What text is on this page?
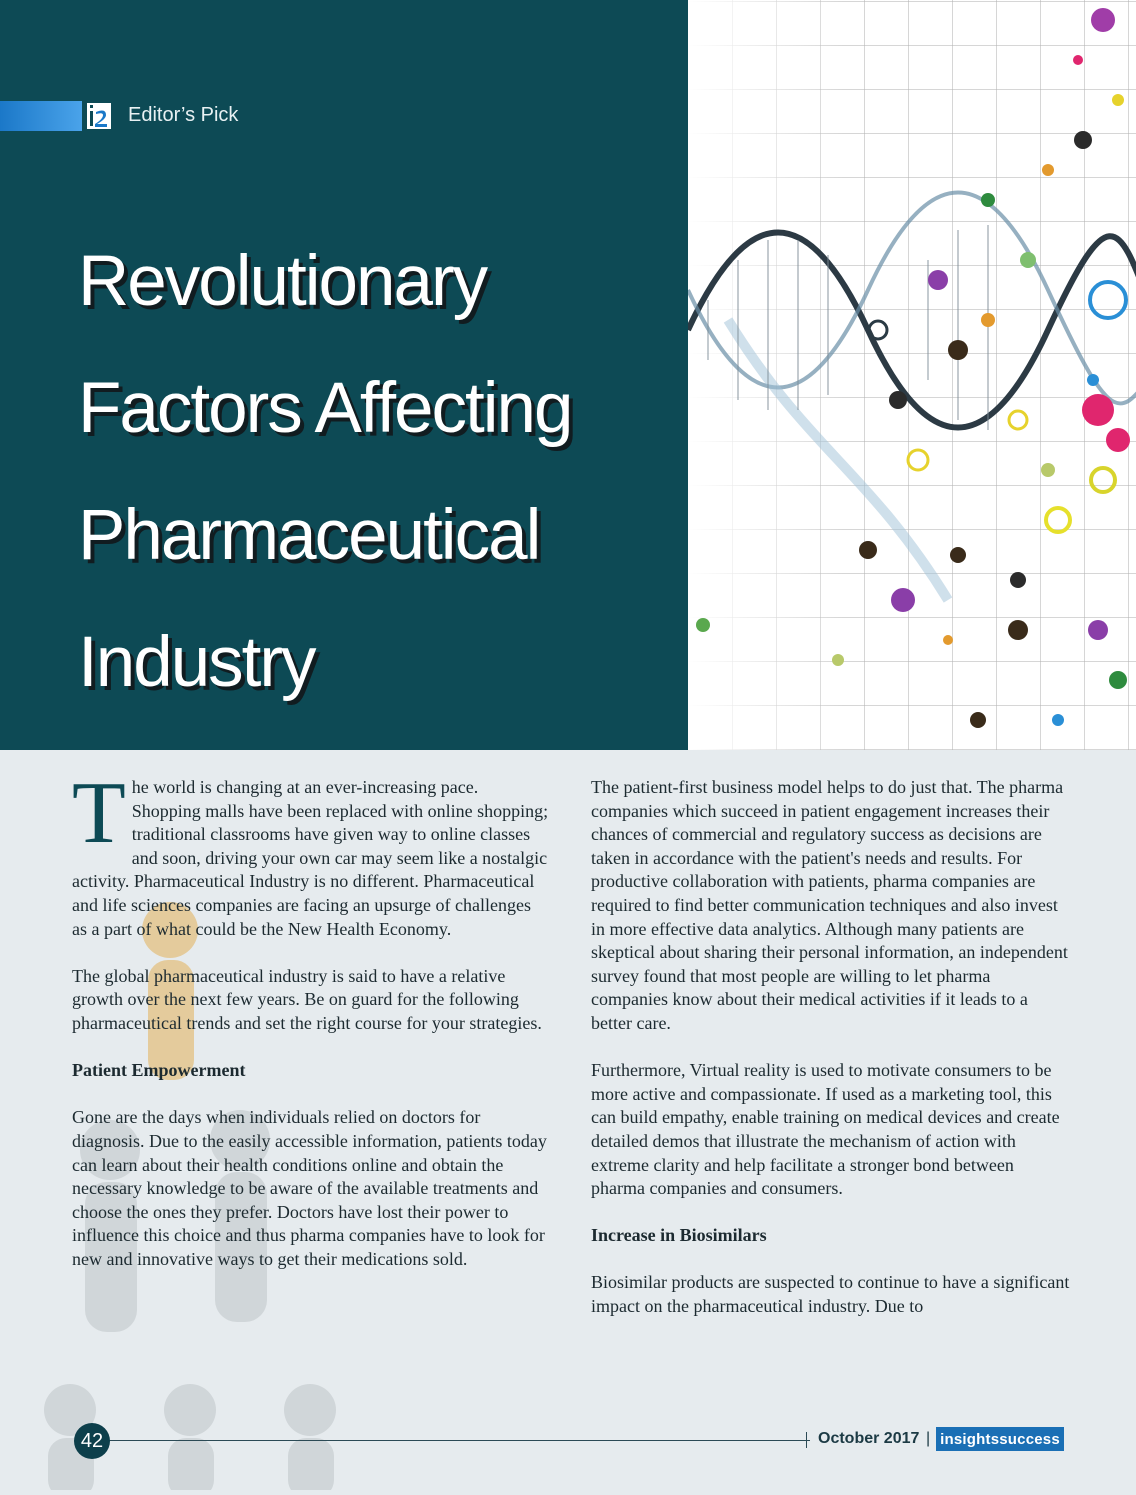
Editor’s Pick
Revolutionary
Factors Affecting
Pharmaceutical
Industry

The world is changing at an ever-increasing pace. Shopping malls have been replaced with online shopping; traditional classrooms have given way to online classes and soon, driving your own car may seem like a nostalgic activity. Pharmaceutical Industry is no different. Pharmaceutical and life sciences companies are facing an upsurge of challenges as a part of what could be the New Health Economy.

The global pharmaceutical industry is said to have a relative growth over the next few years. Be on guard for the following pharmaceutical trends and set the right course for your strategies.

Patient Empowerment

Gone are the days when individuals relied on doctors for diagnosis. Due to the easily accessible information, patients today can learn about their health conditions online and obtain the necessary knowledge to be aware of the available treatments and choose the ones they prefer. Doctors have lost their power to influence this choice and thus pharma companies have to look for new and innovative ways to get their medications sold.

The patient-first business model helps to do just that. The pharma companies which succeed in patient engagement increases their chances of commercial and regulatory success as decisions are taken in accordance with the patient's needs and results. For productive collaboration with patients, pharma companies are required to find better communication techniques and also invest in more effective data analytics. Although many patients are skeptical about sharing their personal information, an independent survey found that most people are willing to let pharma companies know about their medical activities if it leads to a better care.

Furthermore, Virtual reality is used to motivate consumers to be more active and compassionate. If used as a marketing tool, this can build empathy, enable training on medical devices and create detailed demos that illustrate the mechanism of action with extreme clarity and help facilitate a stronger bond between pharma companies and consumers.

Increase in Biosimilars

Biosimilar products are suspected to continue to have a significant impact on the pharmaceutical industry. Due to

42	October 2017 | insightssuccess
